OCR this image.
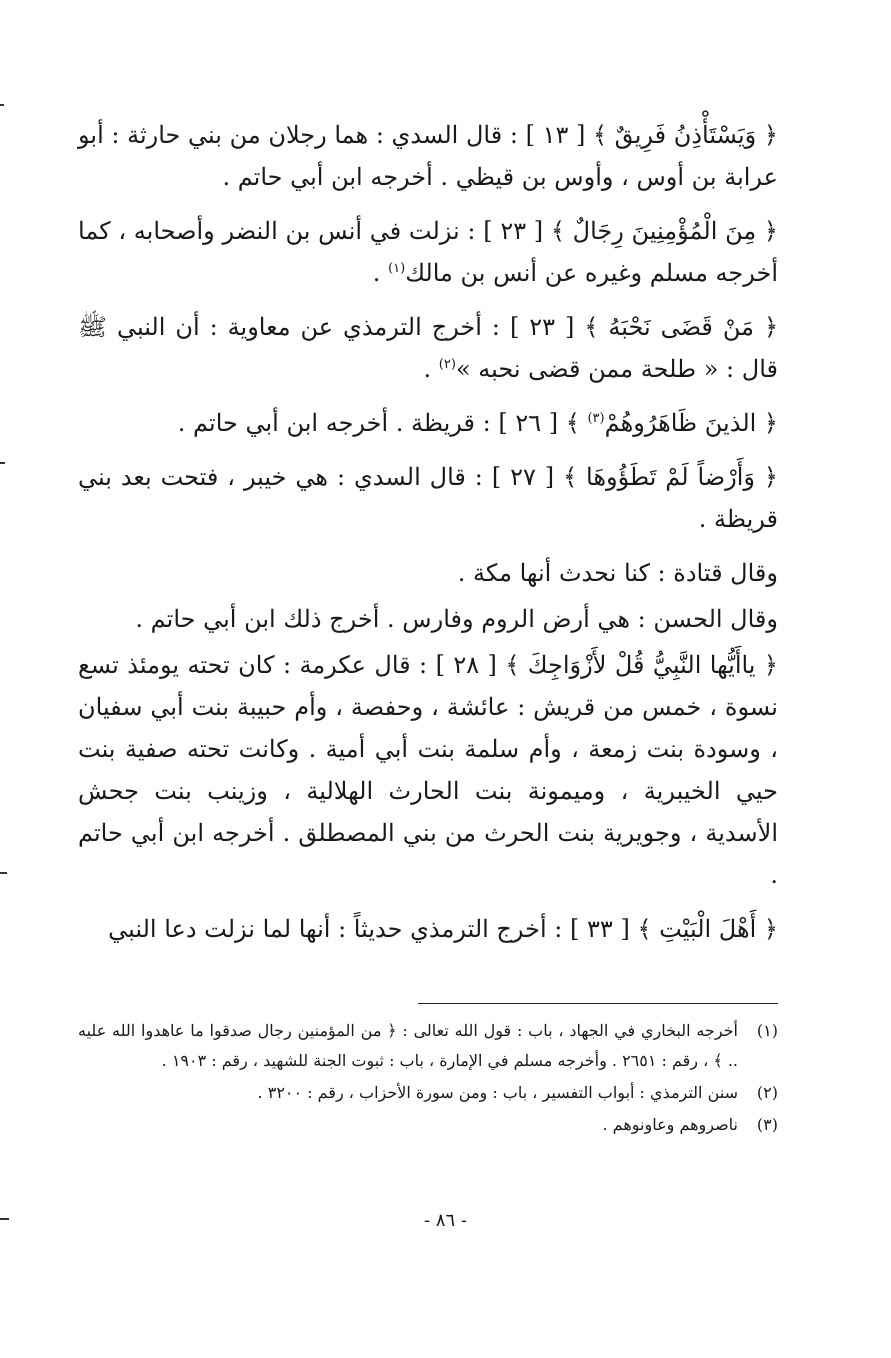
﴿ وَيَسْتَأْذِنُ فَرِيقٌ ﴾ [ ١٣ ] : قال السدي : هما رجلان من بني حارثة : أبو عرابة بن أوس ، وأوس بن قيظي . أخرجه ابن أبي حاتم .

﴿ مِنَ الْمُؤْمِنِينَ رِجَالٌ ﴾ [ ٢٣ ] : نزلت في أنس بن النضر وأصحابه ، كما أخرجه مسلم وغيره عن أنس بن مالك$^{(١)}$ .

﴿ مَنْ قَضَى نَحْبَهُ ﴾ [ ٢٣ ] : أخرج الترمذي عن معاوية : أن النبي ﷺ قال : « طلحة ممن قضى نحبه »$^{(٢)}$ .

﴿ الذينَ ظَاهَرُوهُمْ$^{(٣)}$ ﴾ [ ٢٦ ] : قريظة . أخرجه ابن أبي حاتم .

﴿ وَأَرْضاً لَمْ تَطَؤُوهَا ﴾ [ ٢٧ ] : قال السدي : هي خيبر ، فتحت بعد بني قريظة .

وقال قتادة : كنا نحدث أنها مكة .

وقال الحسن : هي أرض الروم وفارس . أخرج ذلك ابن أبي حاتم .

﴿ ياأَيُّها النَّبِيُّ قُلْ لأَزْوَاجِكَ ﴾ [ ٢٨ ] : قال عكرمة : كان تحته يومئذ تسع نسوة ، خمس من قريش : عائشة ، وحفصة ، وأم حبيبة بنت أبي سفيان ، وسودة بنت زمعة ، وأم سلمة بنت أبي أمية . وكانت تحته صفية بنت حيي الخيبرية ، وميمونة بنت الحارث الهلالية ، وزينب بنت جحش الأسدية ، وجويرية بنت الحرث من بني المصطلق . أخرجه ابن أبي حاتم .

﴿ أَهْلَ الْبَيْتِ ﴾ [ ٣٣ ] : أخرج الترمذي حديثاً : أنها لما نزلت دعا النبي

(١)
أخرجه البخاري في الجهاد ، باب : قول الله تعالى : ﴿ من المؤمنين رجال صدقوا ما عاهدوا الله عليه .. ﴾ ، رقم : ٢٦٥١ . وأخرجه مسلم في الإمارة ، باب : ثبوت الجنة للشهيد ، رقم : ١٩٠٣ .
(٢)
سنن الترمذي : أبواب التفسير ، باب : ومن سورة الأحزاب ، رقم : ٣٢٠٠ .
(٣)
ناصروهم وعاونوهم .
- ٨٦ -
